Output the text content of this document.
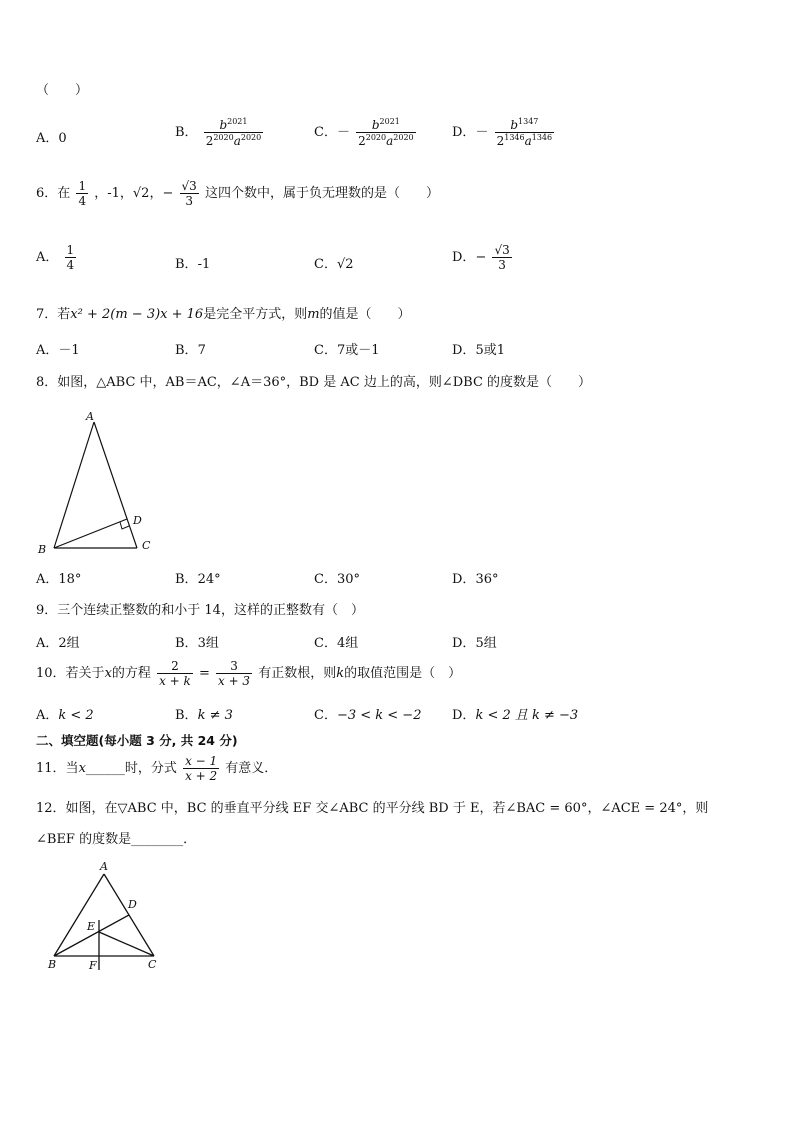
（　　）
A．0	B． $\frac{b^{2021}}{2^{2020}a^{2020}}$	C．－ $\frac{b^{2021}}{2^{2020}a^{2020}}$	D．－ $\frac{b^{1347}}{2^{1346}a^{1346}}$
6．在 $\frac{1}{4}$ ，-1，√2，− $\frac{√3}{3}$ 这四个数中，属于负无理数的是（　　）
A． $\frac{1}{4}$	B．-1	C．√2	D．− $\frac{√3}{3}$
7．若x² + 2(m − 3)x + 16是完全平方式，则m的值是（　　）
A．－1	B．7	C．7或－1	D．5或1
8．如图，△ABC 中，AB＝AC，∠A＝36°，BD 是 AC 边上的高，则∠DBC 的度数是（　　）
A
B	C
D
A．18°	B．24°	C．30°	D．36°
9．三个连续正整数的和小于 14，这样的正整数有（　）
A．2组	B．3组	C．4组	D．5组
10．若关于x的方程 $\frac{2}{x + k} = \frac{3}{x + 3}$ 有正数根，则k的取值范围是（　）
A．k < 2	B．k ≠ 3	C．−3 < k < −2 D．k < 2 且 k ≠ −3
二、填空题(每小题 3 分, 共 24 分)
11．当x______时，分式 $\frac{x - 1}{x + 2}$ 有意义．
12．如图，在▽ABC 中，BC 的垂直平分线 EF 交∠ABC 的平分线 BD 于 E，若∠BAC = 60°，∠ACE = 24°，则
∠BEF 的度数是________．
A
B	C
D
E
F
